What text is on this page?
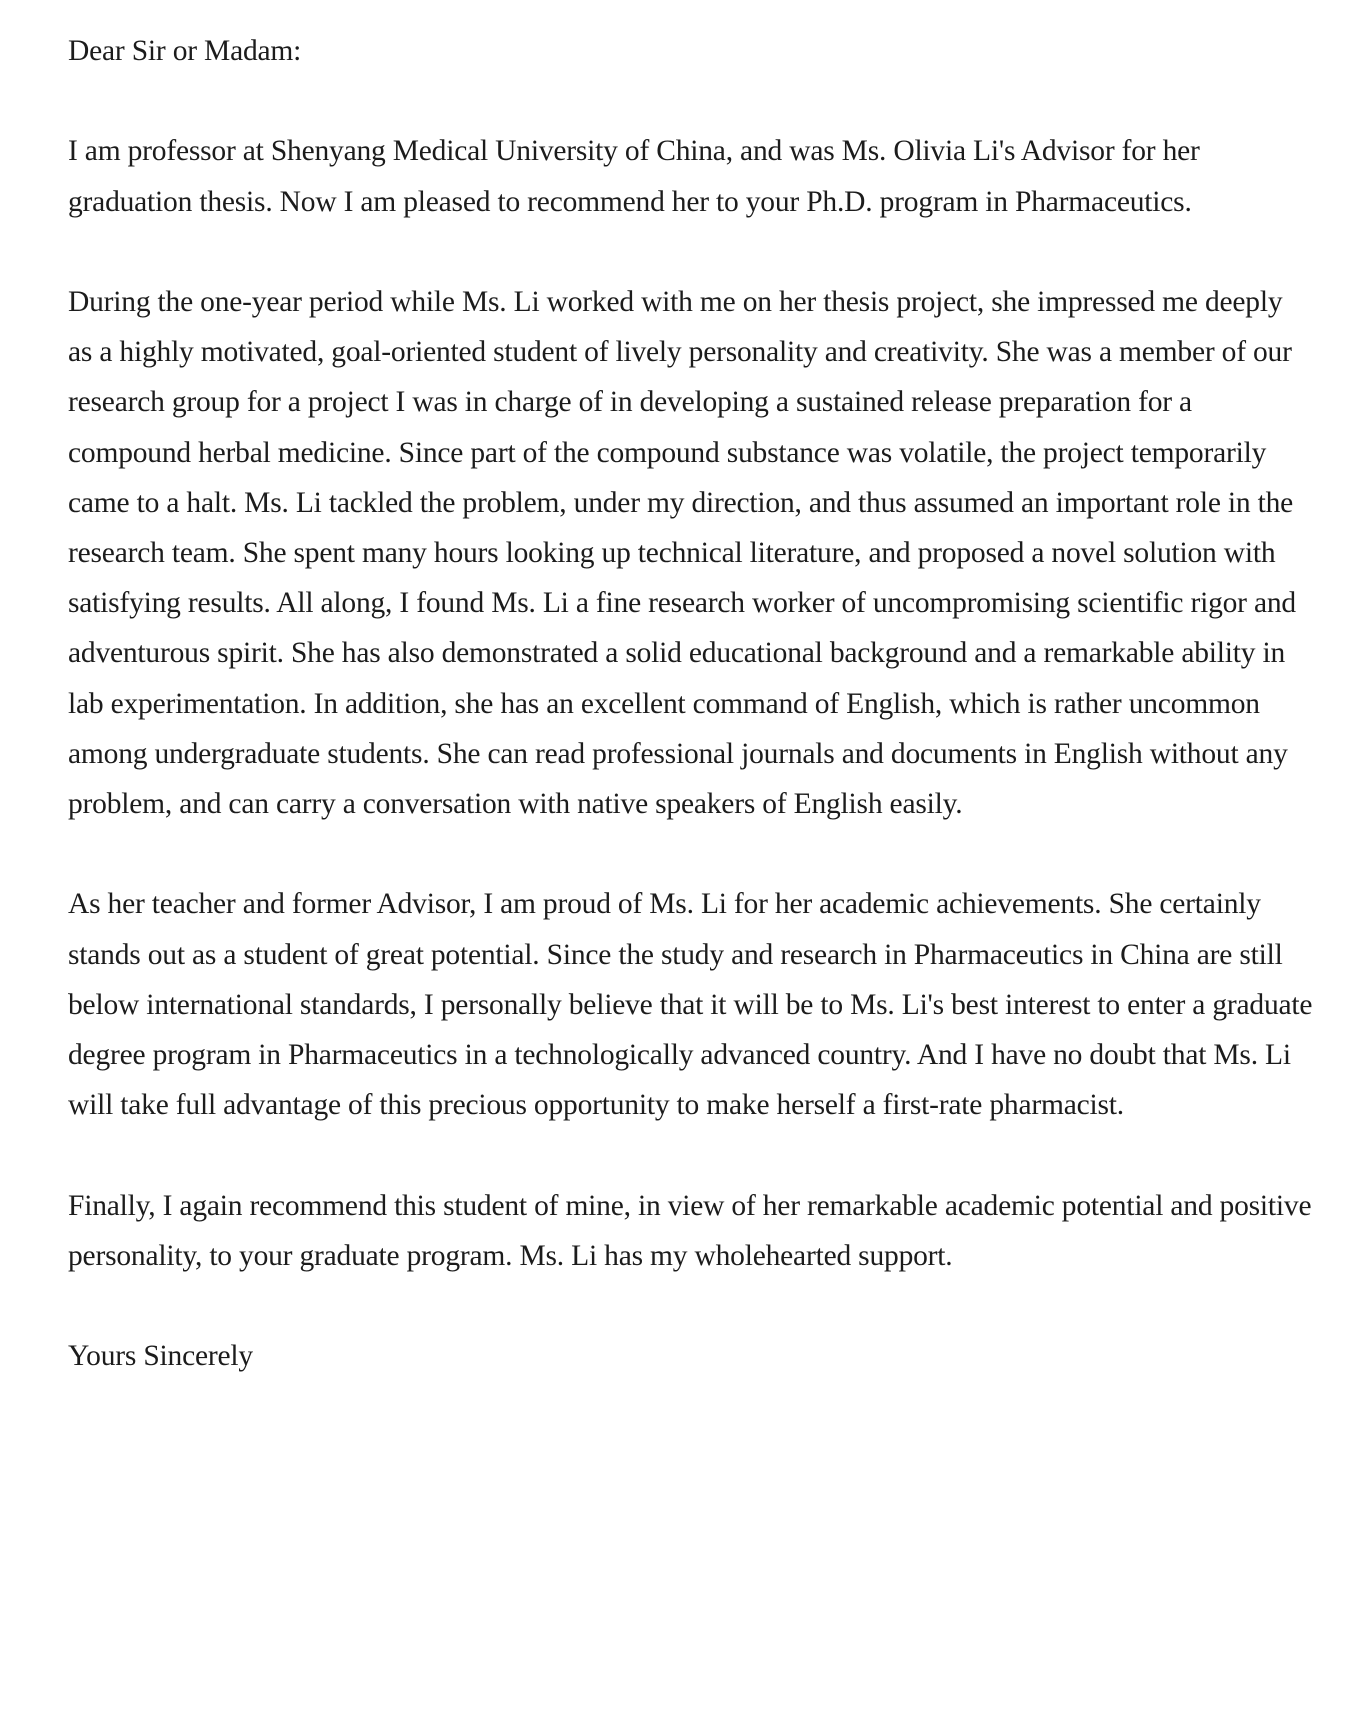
Dear Sir or Madam:

I am professor at Shenyang Medical University of China, and was Ms. Olivia Li's Advisor for her graduation thesis. Now I am pleased to recommend her to your Ph.D. program in Pharmaceutics.

During the one-year period while Ms. Li worked with me on her thesis project, she impressed me deeply as a highly motivated, goal-oriented student of lively personality and creativity. She was a member of our research group for a project I was in charge of in developing a sustained release preparation for a compound herbal medicine. Since part of the compound substance was volatile, the project temporarily came to a halt. Ms. Li tackled the problem, under my direction, and thus assumed an important role in the research team. She spent many hours looking up technical literature, and proposed a novel solution with satisfying results. All along, I found Ms. Li a fine research worker of uncompromising scientific rigor and adventurous spirit. She has also demonstrated a solid educational background and a remarkable ability in lab experimentation. In addition, she has an excellent command of English, which is rather uncommon among undergraduate students. She can read professional journals and documents in English without any problem, and can carry a conversation with native speakers of English easily.

As her teacher and former Advisor, I am proud of Ms. Li for her academic achievements. She certainly stands out as a student of great potential. Since the study and research in Pharmaceutics in China are still below international standards, I personally believe that it will be to Ms. Li's best interest to enter a graduate degree program in Pharmaceutics in a technologically advanced country. And I have no doubt that Ms. Li will take full advantage of this precious opportunity to make herself a first-rate pharmacist.

Finally, I again recommend this student of mine, in view of her remarkable academic potential and positive personality, to your graduate program. Ms. Li has my wholehearted support.

Yours Sincerely
